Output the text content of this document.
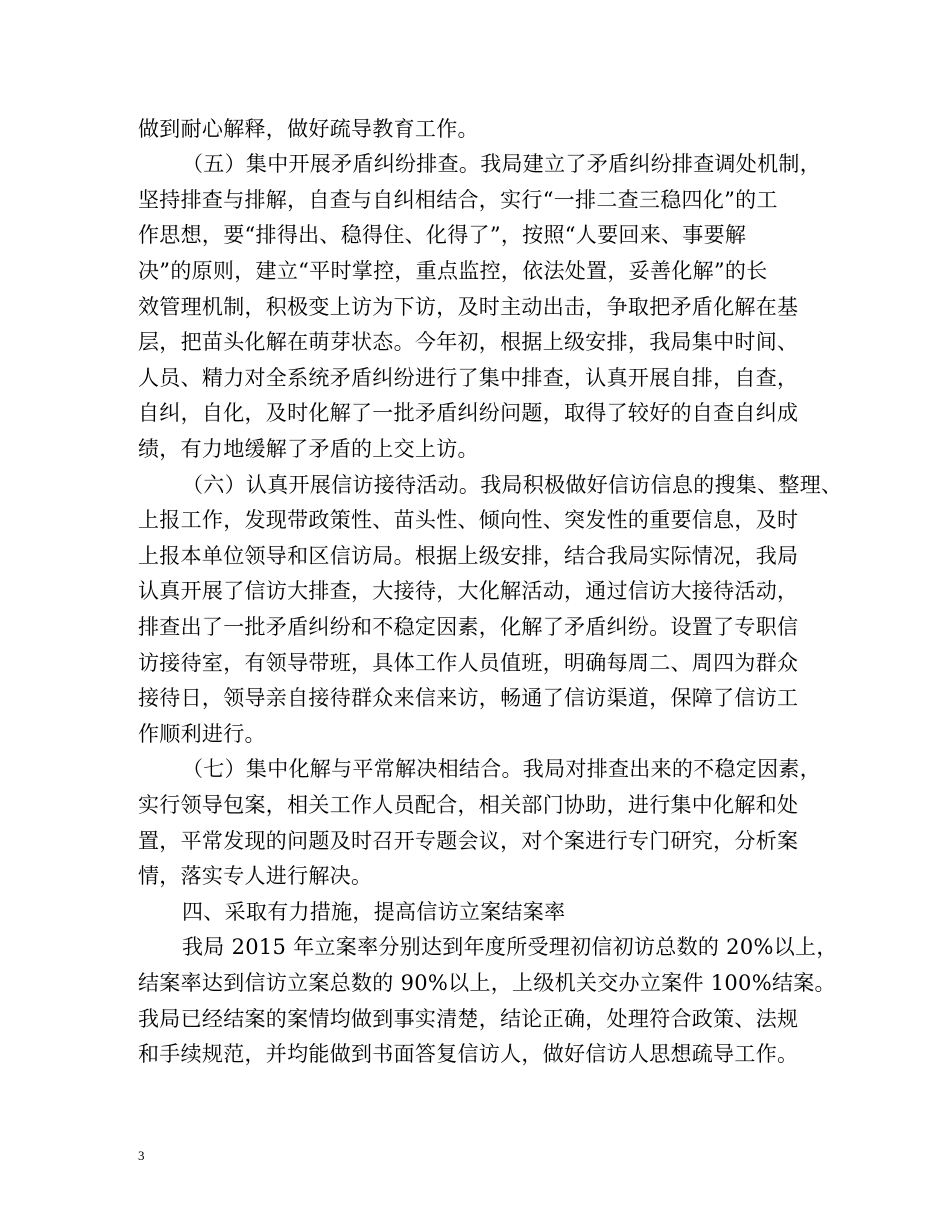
做到耐心解释，做好疏导教育工作。
（五）集中开展矛盾纠纷排查。我局建立了矛盾纠纷排查调处机制，
坚持排查与排解，自查与自纠相结合，实行“一排二查三稳四化”的工
作思想，要“排得出、稳得住、化得了”，按照“人要回来、事要解
决”的原则，建立“平时掌控，重点监控，依法处置，妥善化解”的长
效管理机制，积极变上访为下访，及时主动出击，争取把矛盾化解在基
层，把苗头化解在萌芽状态。今年初，根据上级安排，我局集中时间、
人员、精力对全系统矛盾纠纷进行了集中排查，认真开展自排，自查，
自纠，自化，及时化解了一批矛盾纠纷问题，取得了较好的自查自纠成
绩，有力地缓解了矛盾的上交上访。
（六）认真开展信访接待活动。我局积极做好信访信息的搜集、整理、
上报工作，发现带政策性、苗头性、倾向性、突发性的重要信息，及时
上报本单位领导和区信访局。根据上级安排，结合我局实际情况，我局
认真开展了信访大排查，大接待，大化解活动，通过信访大接待活动，
排查出了一批矛盾纠纷和不稳定因素，化解了矛盾纠纷。设置了专职信
访接待室，有领导带班，具体工作人员值班，明确每周二、周四为群众
接待日，领导亲自接待群众来信来访，畅通了信访渠道，保障了信访工
作顺利进行。
（七）集中化解与平常解决相结合。我局对排查出来的不稳定因素，
实行领导包案，相关工作人员配合，相关部门协助，进行集中化解和处
置，平常发现的问题及时召开专题会议，对个案进行专门研究，分析案
情，落实专人进行解决。
四、采取有力措施，提高信访立案结案率
我局 2015 年立案率分别达到年度所受理初信初访总数的 20%以上，
结案率达到信访立案总数的 90%以上，上级机关交办立案件 100%结案。
我局已经结案的案情均做到事实清楚，结论正确，处理符合政策、法规
和手续规范，并均能做到书面答复信访人，做好信访人思想疏导工作。
3
